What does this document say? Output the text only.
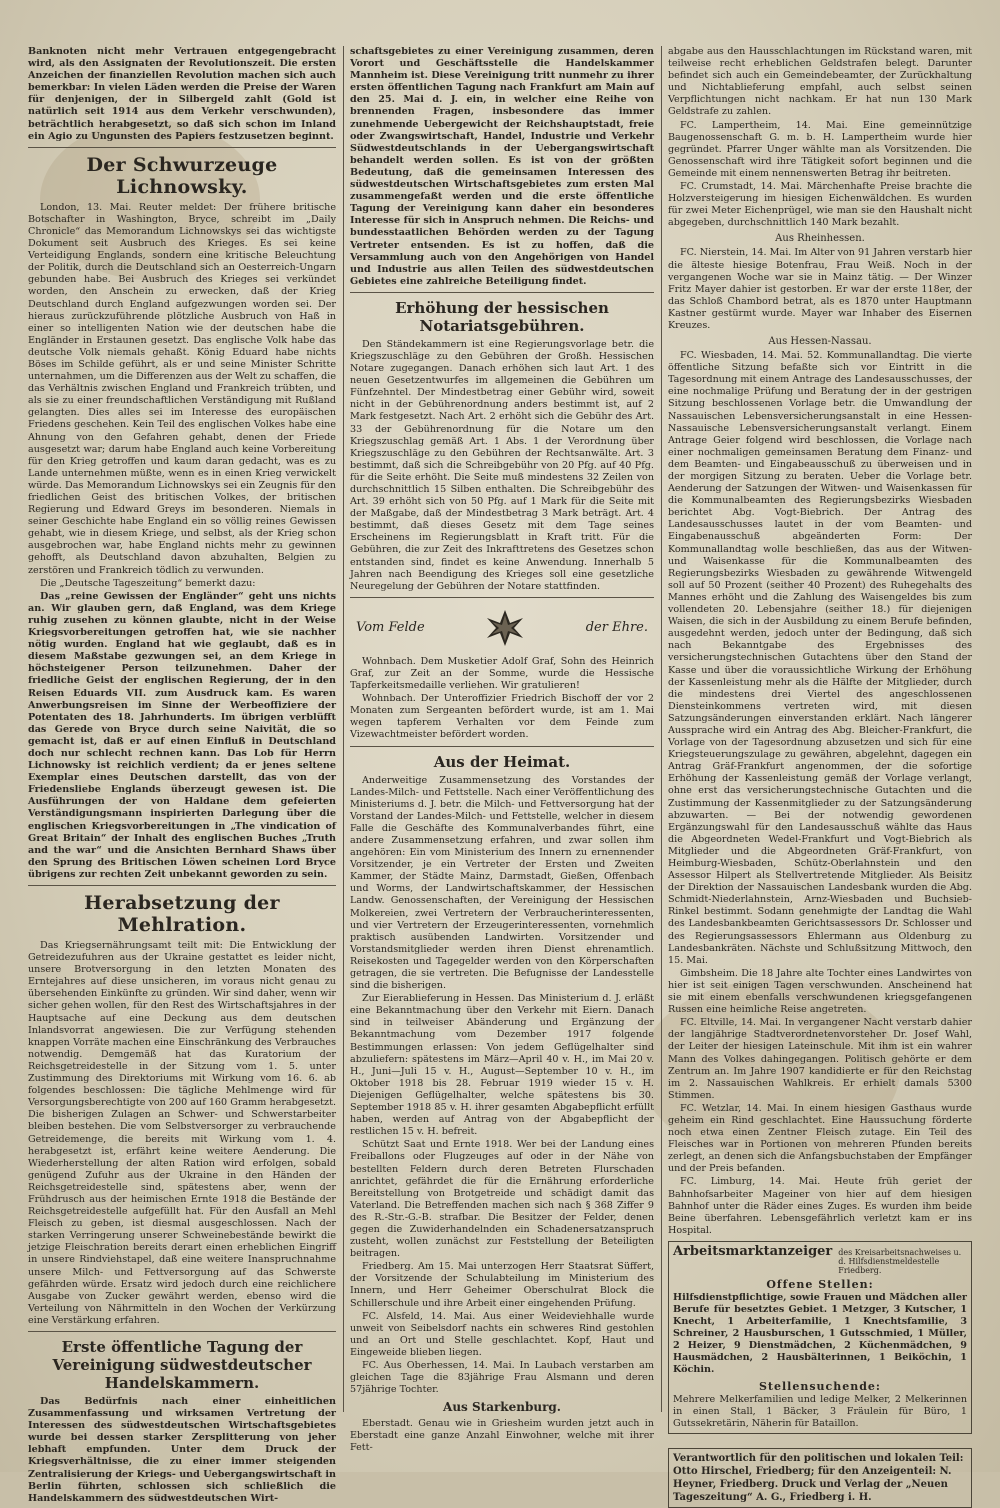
Banknoten nicht mehr Vertrauen entgegengebracht wird, als den Assignaten der Revolutionszeit. Die ersten Anzeichen der finanziellen Revolution machen sich auch bemerkbar: In vielen Läden werden die Preise der Waren für denjenigen, der in Silbergeld zahlt (Gold ist natürlich seit 1914 aus dem Verkehr verschwunden), beträchtlich herabgesetzt, so daß sich schon im Inland ein Agio zu Ungunsten des Papiers festzusetzen beginnt.

Der Schwurzeuge Lichnowsky.

London, 13. Mai. Reuter meldet: Der frühere britische Botschafter in Washington, Bryce, schreibt im „Daily Chronicle“ das Memorandum Lichnowskys sei das wichtigste Dokument seit Ausbruch des Krieges. Es sei keine Verteidigung Englands, sondern eine kritische Beleuchtung der Politik, durch die Deutschland sich an Oesterreich-Ungarn gebunden habe. Bei Ausbruch des Krieges sei verkündet worden, den Anschein zu erwecken, daß der Krieg Deutschland durch England aufgezwungen worden sei. Der hieraus zurückzuführende plötzliche Ausbruch von Haß in einer so intelligenten Nation wie der deutschen habe die Engländer in Erstaunen gesetzt. Das englische Volk habe das deutsche Volk niemals gehaßt. König Eduard habe nichts Böses im Schilde geführt, als er und seine Minister Schritte unternahmen, um die Differenzen aus der Welt zu schaffen, die das Verhältnis zwischen England und Frankreich trübten, und als sie zu einer freundschaftlichen Verständigung mit Rußland gelangten. Dies alles sei im Interesse des europäischen Friedens geschehen. Kein Teil des englischen Volkes habe eine Ahnung von den Gefahren gehabt, denen der Friede ausgesetzt war; darum habe England auch keine Vorbereitung für den Krieg getroffen und kaum daran gedacht, was es zu Lande unternehmen müßte, wenn es in einen Krieg verwickelt würde. Das Memorandum Lichnowskys sei ein Zeugnis für den friedlichen Geist des britischen Volkes, der britischen Regierung und Edward Greys im besonderen. Niemals in seiner Geschichte habe England ein so völlig reines Gewissen gehabt, wie in diesem Kriege, und selbst, als der Krieg schon ausgebrochen war, habe England nichts mehr zu gewinnen gehofft, als Deutschland davon abzuhalten, Belgien zu zerstören und Frankreich tödlich zu verwunden.

Die „Deutsche Tageszeitung“ bemerkt dazu:

Das „reine Gewissen der Engländer“ geht uns nichts an. Wir glauben gern, daß England, was dem Kriege ruhig zusehen zu können glaubte, nicht in der Weise Kriegsvorbereitungen getroffen hat, wie sie nachher nötig wurden. England hat wie geglaubt, daß es in diesem Maßstabe gezwungen sei, an dem Kriege in höchsteigener Person teilzunehmen. Daher der friedliche Geist der englischen Regierung, der in den Reisen Eduards VII. zum Ausdruck kam. Es waren Anwerbungsreisen im Sinne der Werbeoffiziere der Potentaten des 18. Jahrhunderts. Im übrigen verblüfft das Gerede von Bryce durch seine Naivität, die so gemacht ist, daß er auf einen Einfluß in Deutschland doch nur schlecht rechnen kann. Das Lob für Herrn Lichnowsky ist reichlich verdient; da er jenes seltene Exemplar eines Deutschen darstellt, das von der Friedensliebe Englands überzeugt gewesen ist. Die Ausführungen der von Haldane dem gefeierten Verständigungsmann inspirierten Darlegung über die englischen Kriegsvorbereitungen in „The vindication of Great Britain“ der Inhalt des englischen Buches „Truth and the war“ und die Ansichten Bernhard Shaws über den Sprung des Britischen Löwen scheinen Lord Bryce übrigens zur rechten Zeit unbekannt geworden zu sein.

Herabsetzung der Mehlration.

Das Kriegsernährungsamt teilt mit: Die Entwicklung der Getreidezufuhren aus der Ukraine gestattet es leider nicht, unsere Brotversorgung in den letzten Monaten des Erntejahres auf diese unsicheren, im voraus nicht genau zu übersehenden Einkünfte zu gründen. Wir sind daher, wenn wir sicher gehen wollen, für den Rest des Wirtschaftsjahres in der Hauptsache auf eine Deckung aus dem deutschen Inlandsvorrat angewiesen. Die zur Verfügung stehenden knappen Vorräte machen eine Einschränkung des Verbrauches notwendig. Demgemäß hat das Kuratorium der Reichsgetreidestelle in der Sitzung vom 1. 5. unter Zustimmung des Direktoriums mit Wirkung vom 16. 6. ab folgendes beschlossen: Die tägliche Mehlmenge wird für Versorgungsberechtigte von 200 auf 160 Gramm herabgesetzt. Die bisherigen Zulagen an Schwer- und Schwerstarbeiter bleiben bestehen. Die vom Selbstversorger zu verbrauchende Getreidemenge, die bereits mit Wirkung vom 1. 4. herabgesetzt ist, erfährt keine weitere Aenderung. Die Wiederherstellung der alten Ration wird erfolgen, sobald genügend Zufuhr aus der Ukraine in den Händen der Reichsgetreidestelle sind, spätestens aber, wenn der Frühdrusch aus der heimischen Ernte 1918 die Bestände der Reichsgetreidestelle aufgefüllt hat. Für den Ausfall an Mehl Fleisch zu geben, ist diesmal ausgeschlossen. Nach der starken Verringerung unserer Schweinebestände bewirkt die jetzige Fleischration bereits derart einen erheblichen Eingriff in unsere Rindviehstapel, daß eine weitere Inanspruchnahme unsere Milch- und Fettversorgung auf das Schwerste gefährden würde. Ersatz wird jedoch durch eine reichlichere Ausgabe von Zucker gewährt werden, ebenso wird die Verteilung von Nährmitteln in den Wochen der Verkürzung eine Verstärkung erfahren.

Erste öffentliche Tagung der Vereinigung südwestdeutscher Handelskammern.

Das Bedürfnis nach einer einheitlichen Zusammenfassung und wirksamen Vertretung der Interessen des südwestdeutschen Wirtschaftsgebietes wurde bei dessen starker Zersplitterung von jeher lebhaft empfunden. Unter dem Druck der Kriegsverhältnisse, die zu einer immer steigenden Zentralisierung der Kriegs- und Uebergangswirtschaft in Berlin führten, schlossen sich schließlich die Handelskammern des südwestdeutschen Wirt-

schaftsgebietes zu einer Vereinigung zusammen, deren Vorort und Geschäftsstelle die Handelskammer Mannheim ist. Diese Vereinigung tritt nunmehr zu ihrer ersten öffentlichen Tagung nach Frankfurt am Main auf den 25. Mai d. J. ein, in welcher eine Reihe von brennenden Fragen, insbesondere das immer zunehmende Uebergewicht der Reichshauptstadt, freie oder Zwangswirtschaft, Handel, Industrie und Verkehr Südwestdeutschlands in der Uebergangswirtschaft behandelt werden sollen. Es ist von der größten Bedeutung, daß die gemeinsamen Interessen des südwestdeutschen Wirtschaftsgebietes zum ersten Mal zusammengefaßt werden und die erste öffentliche Tagung der Vereinigung kann daher ein besonderes Interesse für sich in Anspruch nehmen. Die Reichs- und bundesstaatlichen Behörden werden zu der Tagung Vertreter entsenden. Es ist zu hoffen, daß die Versammlung auch von den Angehörigen von Handel und Industrie aus allen Teilen des südwestdeutschen Gebietes eine zahlreiche Beteiligung findet.

Erhöhung der hessischen Notariatsgebühren.

Den Ständekammern ist eine Regierungsvorlage betr. die Kriegszuschläge zu den Gebühren der Großh. Hessischen Notare zugegangen. Danach erhöhen sich laut Art. 1 des neuen Gesetzentwurfes im allgemeinen die Gebühren um Fünfzehntel. Der Mindestbetrag einer Gebühr wird, soweit nicht in der Gebührenordnung anders bestimmt ist, auf 2 Mark festgesetzt. Nach Art. 2 erhöht sich die Gebühr des Art. 33 der Gebührenordnung für die Notare um den Kriegszuschlag gemäß Art. 1 Abs. 1 der Verordnung über Kriegszuschläge zu den Gebühren der Rechtsanwälte. Art. 3 bestimmt, daß sich die Schreibgebühr von 20 Pfg. auf 40 Pfg. für die Seite erhöht. Die Seite muß mindestens 32 Zeilen von durchschnittlich 15 Silben enthalten. Die Schreibgebühr des Art. 39 erhöht sich von 50 Pfg. auf 1 Mark für die Seite mit der Maßgabe, daß der Mindestbetrag 3 Mark beträgt. Art. 4 bestimmt, daß dieses Gesetz mit dem Tage seines Erscheinens im Regierungsblatt in Kraft tritt. Für die Gebühren, die zur Zeit des Inkrafttretens des Gesetzes schon entstanden sind, findet es keine Anwendung. Innerhalb 5 Jahren nach Beendigung des Krieges soll eine gesetzliche Neuregelung der Gebühren der Notare stattfinden.

Vom Felde	der Ehre.

Wohnbach. Dem Musketier Adolf Graf, Sohn des Heinrich Graf, zur Zeit an der Somme, wurde die Hessische Tapferkeitsmedaille verliehen. Wir gratulieren!

Wohnbach. Der Unteroffizier Friedrich Bischoff der vor 2 Monaten zum Sergeanten befördert wurde, ist am 1. Mai wegen tapferem Verhalten vor dem Feinde zum Vizewachtmeister befördert worden.

Aus der Heimat.

Anderweitige Zusammensetzung des Vorstandes der Landes-Milch- und Fettstelle. Nach einer Veröffentlichung des Ministeriums d. J. betr. die Milch- und Fettversorgung hat der Vorstand der Landes-Milch- und Fettstelle, welcher in diesem Falle die Geschäfte des Kommunalverbandes führt, eine andere Zusammensetzung erfahren, und zwar sollen ihm angehören: Ein vom Ministerium des Innern zu ernennender Vorsitzender, je ein Vertreter der Ersten und Zweiten Kammer, der Städte Mainz, Darmstadt, Gießen, Offenbach und Worms, der Landwirtschaftskammer, der Hessischen Landw. Genossenschaften, der Vereinigung der Hessischen Molkereien, zwei Vertretern der Verbraucherinteressenten, und vier Vertretern der Erzeugerinteressenten, vornehmlich praktisch ausübenden Landwirten. Vorsitzender und Vorstandsmitglieder werden ihren Dienst ehrenamtlich. Reisekosten und Tagegelder werden von den Körperschaften getragen, die sie vertreten. Die Befugnisse der Landesstelle sind die bisherigen.

Zur Eierablieferung in Hessen. Das Ministerium d. J. erläßt eine Bekanntmachung über den Verkehr mit Eiern. Danach sind in teilweiser Abänderung und Ergänzung der Bekanntmachung vom Dezember 1917 folgende Bestimmungen erlassen: Von jedem Geflügelhalter sind abzuliefern: spätestens im März—April 40 v. H., im Mai 20 v. H., Juni—Juli 15 v. H., August—September 10 v. H., im Oktober 1918 bis 28. Februar 1919 wieder 15 v. H. Diejenigen Geflügelhalter, welche spätestens bis 30. September 1918 85 v. H. ihrer gesamten Abgabepflicht erfüllt haben, werden auf Antrag von der Abgabepflicht der restlichen 15 v. H. befreit.

Schützt Saat und Ernte 1918. Wer bei der Landung eines Freiballons oder Flugzeuges auf oder in der Nähe von bestellten Feldern durch deren Betreten Flurschaden anrichtet, gefährdet die für die Ernährung erforderliche Bereitstellung von Brotgetreide und schädigt damit das Vaterland. Die Betreffenden machen sich nach § 368 Ziffer 9 des R.-Str.-G.-B. strafbar. Die Besitzer der Felder, denen gegen die Zuwiderhandelnden ein Schadenersatzanspruch zusteht, wollen zunächst zur Feststellung der Beteiligten beitragen.

Friedberg. Am 15. Mai unterzogen Herr Staatsrat Süffert, der Vorsitzende der Schulabteilung im Ministerium des Innern, und Herr Geheimer Oberschulrat Block die Schillerschule und ihre Arbeit einer eingehenden Prüfung.

FC. Alsfeld, 14. Mai. Aus einer Weideviehhalle wurde unweit von Seibelsdorf nachts ein schweres Rind gestohlen und an Ort und Stelle geschlachtet. Kopf, Haut und Eingeweide blieben liegen.

FC. Aus Oberhessen, 14. Mai. In Laubach verstarben am gleichen Tage die 83jährige Frau Alsmann und deren 57jährige Tochter.

Aus Starkenburg.

Eberstadt. Genau wie in Griesheim wurden jetzt auch in Eberstadt eine ganze Anzahl Einwohner, welche mit ihrer Fett-

abgabe aus den Hausschlachtungen im Rückstand waren, mit teilweise recht erheblichen Geldstrafen belegt. Darunter befindet sich auch ein Gemeindebeamter, der Zurückhaltung und Nichtablieferung empfahl, auch selbst seinen Verpflichtungen nicht nachkam. Er hat nun 130 Mark Geldstrafe zu zahlen.

FC. Lampertheim, 14. Mai. Eine gemeinnützige Baugenossenschaft G. m. b. H. Lampertheim wurde hier gegründet. Pfarrer Unger wählte man als Vorsitzenden. Die Genossenschaft wird ihre Tätigkeit sofort beginnen und die Gemeinde mit einem nennenswerten Betrag ihr beitreten.

FC. Crumstadt, 14. Mai. Märchenhafte Preise brachte die Holzversteigerung im hiesigen Eichenwäldchen. Es wurden für zwei Meter Eichenprügel, wie man sie den Haushalt nicht abgegeben, durchschnittlich 140 Mark bezahlt.

Aus Rheinhessen.

FC. Nierstein, 14. Mai. Im Alter von 91 Jahren verstarb hier die älteste hiesige Botenfrau, Frau Weiß. Noch in der vergangenen Woche war sie in Mainz tätig. — Der Winzer Fritz Mayer dahier ist gestorben. Er war der erste 118er, der das Schloß Chambord betrat, als es 1870 unter Hauptmann Kastner gestürmt wurde. Mayer war Inhaber des Eisernen Kreuzes.

Aus Hessen-Nassau.

FC. Wiesbaden, 14. Mai. 52. Kommunallandtag. Die vierte öffentliche Sitzung befaßte sich vor Eintritt in die Tagesordnung mit einem Antrage des Landesausschusses, der eine nochmalige Prüfung und Beratung der in der gestrigen Sitzung beschlossenen Vorlage betr. die Umwandlung der Nassauischen Lebensversicherungsanstalt in eine Hessen-Nassauische Lebensversicherungsanstalt verlangt. Einem Antrage Geier folgend wird beschlossen, die Vorlage nach einer nochmaligen gemeinsamen Beratung dem Finanz- und dem Beamten- und Eingabeausschuß zu überweisen und in der morgigen Sitzung zu beraten. Ueber die Vorlage betr. Aenderung der Satzungen der Witwen- und Waisenkassen für die Kommunalbeamten des Regierungsbezirks Wiesbaden berichtet Abg. Vogt-Biebrich. Der Antrag des Landesausschusses lautet in der vom Beamten- und Eingabenausschuß abgeänderten Form: Der Kommunallandtag wolle beschließen, das aus der Witwen- und Waisenkasse für die Kommunalbeamten des Regierungsbezirks Wiesbaden zu gewährende Witwengeld soll auf 50 Prozent (seither 40 Prozent) des Ruhegehalts des Mannes erhöht und die Zahlung des Waisengeldes bis zum vollendeten 20. Lebensjahre (seither 18.) für diejenigen Waisen, die sich in der Ausbildung zu einem Berufe befinden, ausgedehnt werden, jedoch unter der Bedingung, daß sich nach Bekanntgabe des Ergebnisses des versicherungstechnischen Gutachtens über den Stand der Kasse und über die voraussichtliche Wirkung der Erhöhung der Kassenleistung mehr als die Hälfte der Mitglieder, durch die mindestens drei Viertel des angeschlossenen Diensteinkommens vertreten wird, mit diesen Satzungsänderungen einverstanden erklärt. Nach längerer Aussprache wird ein Antrag des Abg. Bleicher-Frankfurt, die Vorlage von der Tagesordnung abzusetzen und sich für eine Kriegsteuerungszulage zu gewähren, abgelehnt, dagegen ein Antrag Gräf-Frankfurt angenommen, der die sofortige Erhöhung der Kassenleistung gemäß der Vorlage verlangt, ohne erst das versicherungstechnische Gutachten und die Zustimmung der Kassenmitglieder zu der Satzungsänderung abzuwarten. — Bei der notwendig gewordenen Ergänzungswahl für den Landesausschuß wählte das Haus die Abgeordneten Wedel-Frankfurt und Vogt-Biebrich als Mitglieder und die Abgeordneten Gräf-Frankfurt, von Heimburg-Wiesbaden, Schütz-Oberlahnstein und den Assessor Hilpert als Stellvertretende Mitglieder. Als Beisitz der Direktion der Nassauischen Landesbank wurden die Abg. Schmidt-Niederlahnstein, Arnz-Wiesbaden und Buchsieb-Rinkel bestimmt. Sodann genehmigte der Landtag die Wahl des Landesbankbeamten Gerichtsassessors Dr. Schlosser und des Regierungsassessors Ehlermann aus Oldenburg zu Landesbankräten. Nächste und Schlußsitzung Mittwoch, den 15. Mai.

Gimbsheim. Die 18 Jahre alte Tochter eines Landwirtes von hier ist seit einigen Tagen verschwunden. Anscheinend hat sie mit einem ebenfalls verschwundenen kriegsgefangenen Russen eine heimliche Reise angetreten.

FC. Eltville, 14. Mai. In vergangener Nacht verstarb dahier der langjährige Stadtverordnetenvorsteher Dr. Josef Wahl, der Leiter der hiesigen Lateinschule. Mit ihm ist ein wahrer Mann des Volkes dahingegangen. Politisch gehörte er dem Zentrum an. Im Jahre 1907 kandidierte er für den Reichstag im 2. Nassauischen Wahlkreis. Er erhielt damals 5300 Stimmen.

FC. Wetzlar, 14. Mai. In einem hiesigen Gasthaus wurde geheim ein Rind geschlachtet. Eine Haussuchung förderte noch etwa einen Zentner Fleisch zutage. Ein Teil des Fleisches war in Portionen von mehreren Pfunden bereits zerlegt, an denen sich die Anfangsbuchstaben der Empfänger und der Preis befanden.

FC. Limburg, 14. Mai. Heute früh geriet der Bahnhofsarbeiter Mageiner von hier auf dem hiesigen Bahnhof unter die Räder eines Zuges. Es wurden ihm beide Beine überfahren. Lebensgefährlich verletzt kam er ins Hospital.

Arbeitsmarktanzeiger des Kreisarbeitsnachweises u. d. Hilfsdienstmeldestelle Friedberg.
Offene Stellen:

Hilfsdienstpflichtige, sowie Frauen und Mädchen aller Berufe für besetztes Gebiet. 1 Metzger, 3 Kutscher, 1 Knecht, 1 Arbeiterfamilie, 1 Knechtsfamilie, 3 Schreiner, 2 Hausburschen, 1 Gutsschmied, 1 Müller, 2 Heizer, 9 Dienstmädchen, 2 Küchenmädchen, 9 Hausmädchen, 2 Hausbälterinnen, 1 Beiköchin, 1 Köchin.

Stellensuchende:

Mehrere Melkerfamilien und ledige Melker, 2 Melkerinnen in einen Stall, 1 Bäcker, 3 Fräulein für Büro, 1 Gutssekretärin, Näherin für Bataillon.

Verantwortlich für den politischen und lokalen Teil: Otto Hirschel, Friedberg; für den Anzeigenteil: N. Heyner, Friedberg. Druck und Verlag der „Neuen Tageszeitung“ A. G., Friedberg i. H.
